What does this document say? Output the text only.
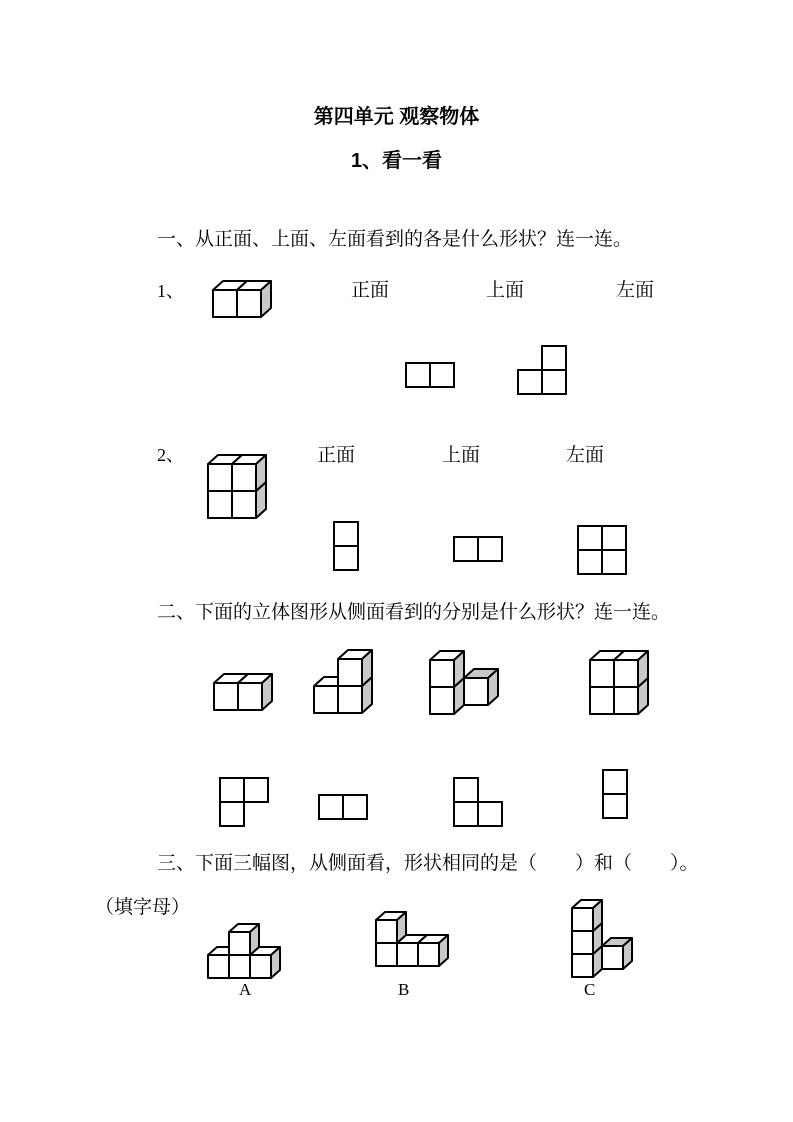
第四单元 观察物体
1、看一看
一、从正面、上面、左面看到的各是什么形状？连一连。
1、	正面	上面	左面
2、	正面	上面	左面
二、下面的立体图形从侧面看到的分别是什么形状？连一连。
三、下面三幅图，从侧面看，形状相同的是（　　）和（　　）。
（填字母）
A	B	C
